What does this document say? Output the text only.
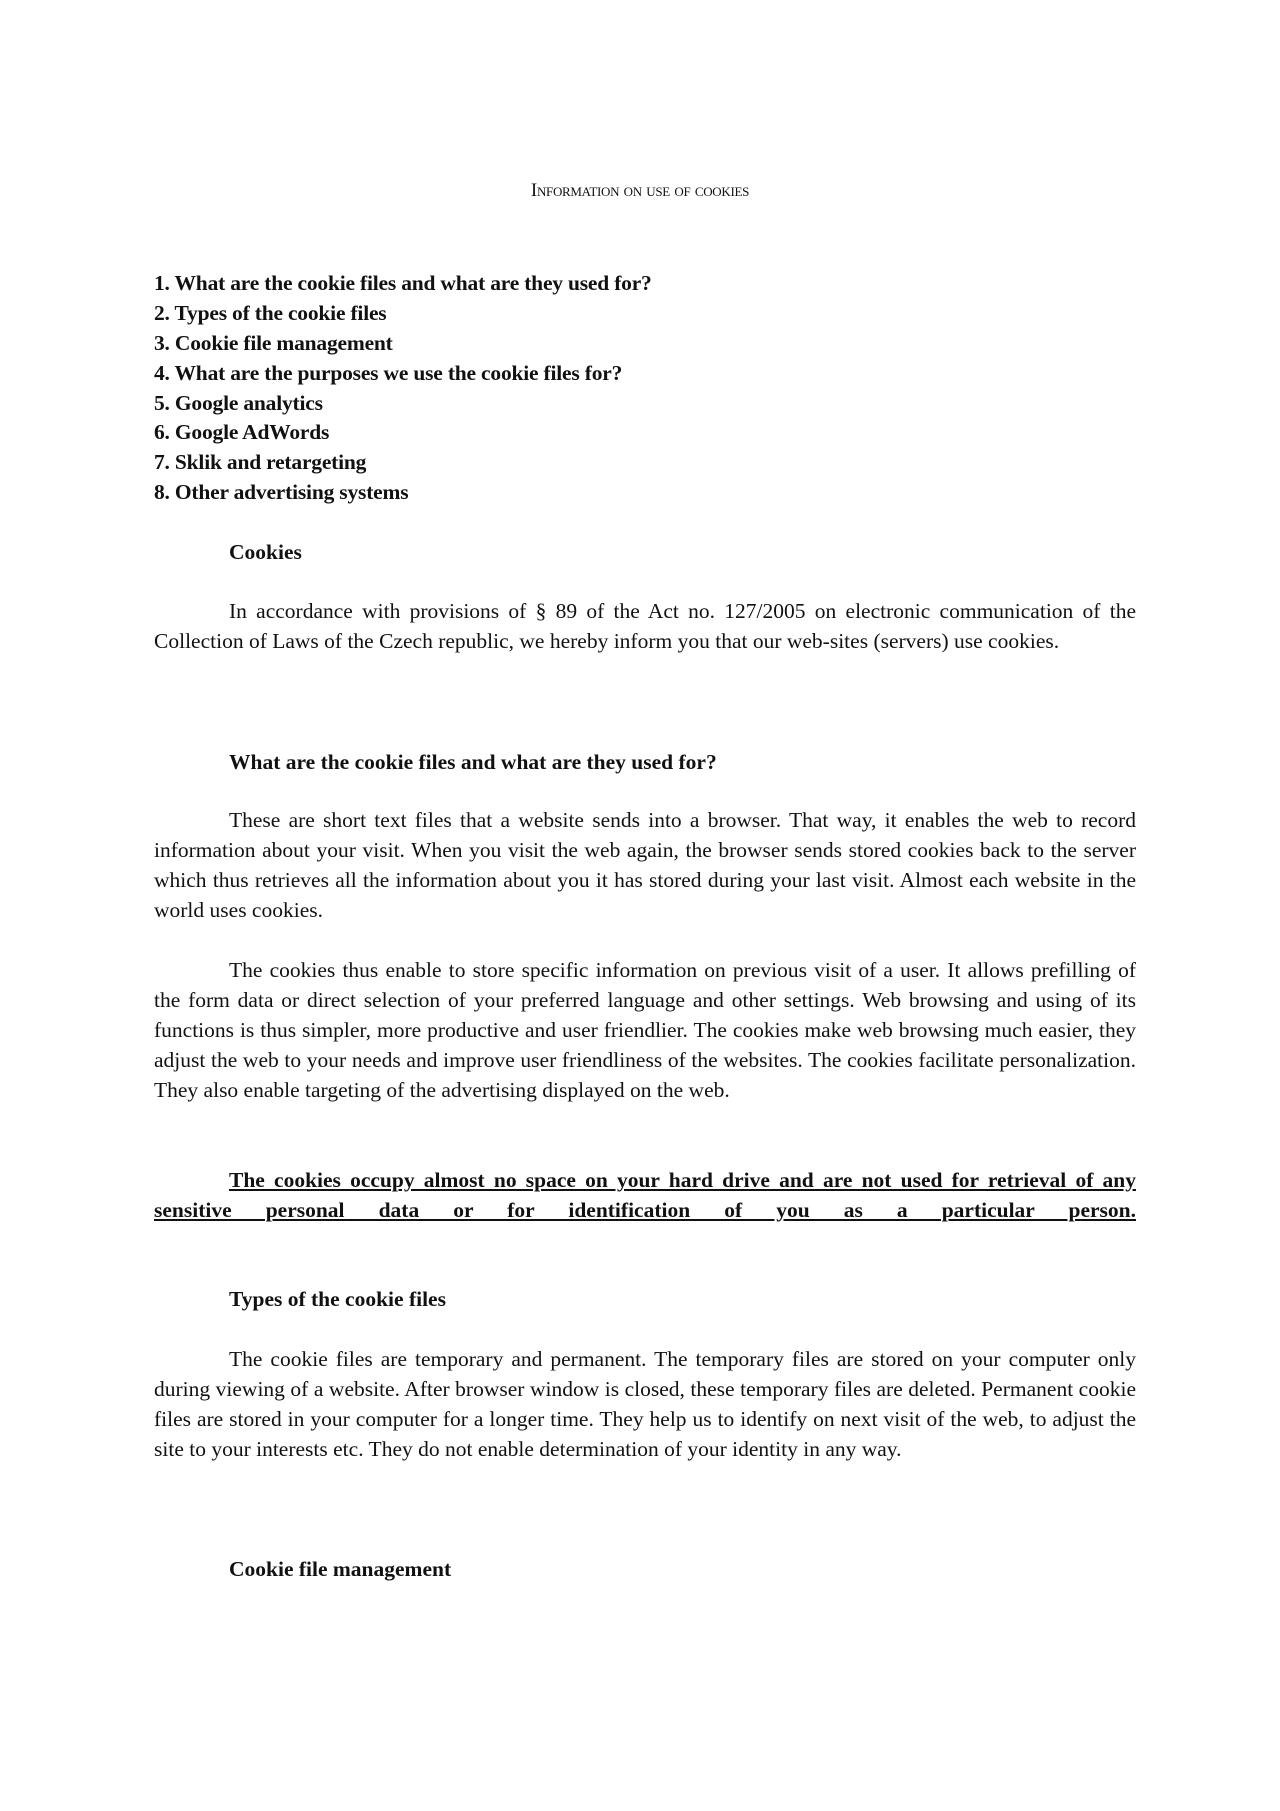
Information on use of cookies
1. What are the cookie files and what are they used for?
2. Types of the cookie files
3. Cookie file management
4. What are the purposes we use the cookie files for?
5. Google analytics
6. Google AdWords
7. Sklik and retargeting
8. Other advertising systems
Cookies
In accordance with provisions of § 89 of the Act no. 127/2005 on electronic communication of the Collection of Laws of the Czech republic, we hereby inform you that our web-sites (servers) use cookies.
What are the cookie files and what are they used for?
These are short text files that a website sends into a browser. That way, it enables the web to record information about your visit. When you visit the web again, the browser sends stored cookies back to the server which thus retrieves all the information about you it has stored during your last visit. Almost each website in the world uses cookies.
The cookies thus enable to store specific information on previous visit of a user. It allows prefilling of the form data or direct selection of your preferred language and other settings. Web browsing and using of its functions is thus simpler, more productive and user friendlier. The cookies make web browsing much easier, they adjust the web to your needs and improve user friendliness of the websites. The cookies facilitate personalization. They also enable targeting of the advertising displayed on the web.
The cookies occupy almost no space on your hard drive and are not used for retrieval of any sensitive personal data or for identification of you as a particular person.
Types of the cookie files
The cookie files are temporary and permanent. The temporary files are stored on your computer only during viewing of a website. After browser window is closed, these temporary files are deleted. Permanent cookie files are stored in your computer for a longer time. They help us to identify on next visit of the web, to adjust the site to your interests etc. They do not enable determination of your identity in any way.
Cookie file management
